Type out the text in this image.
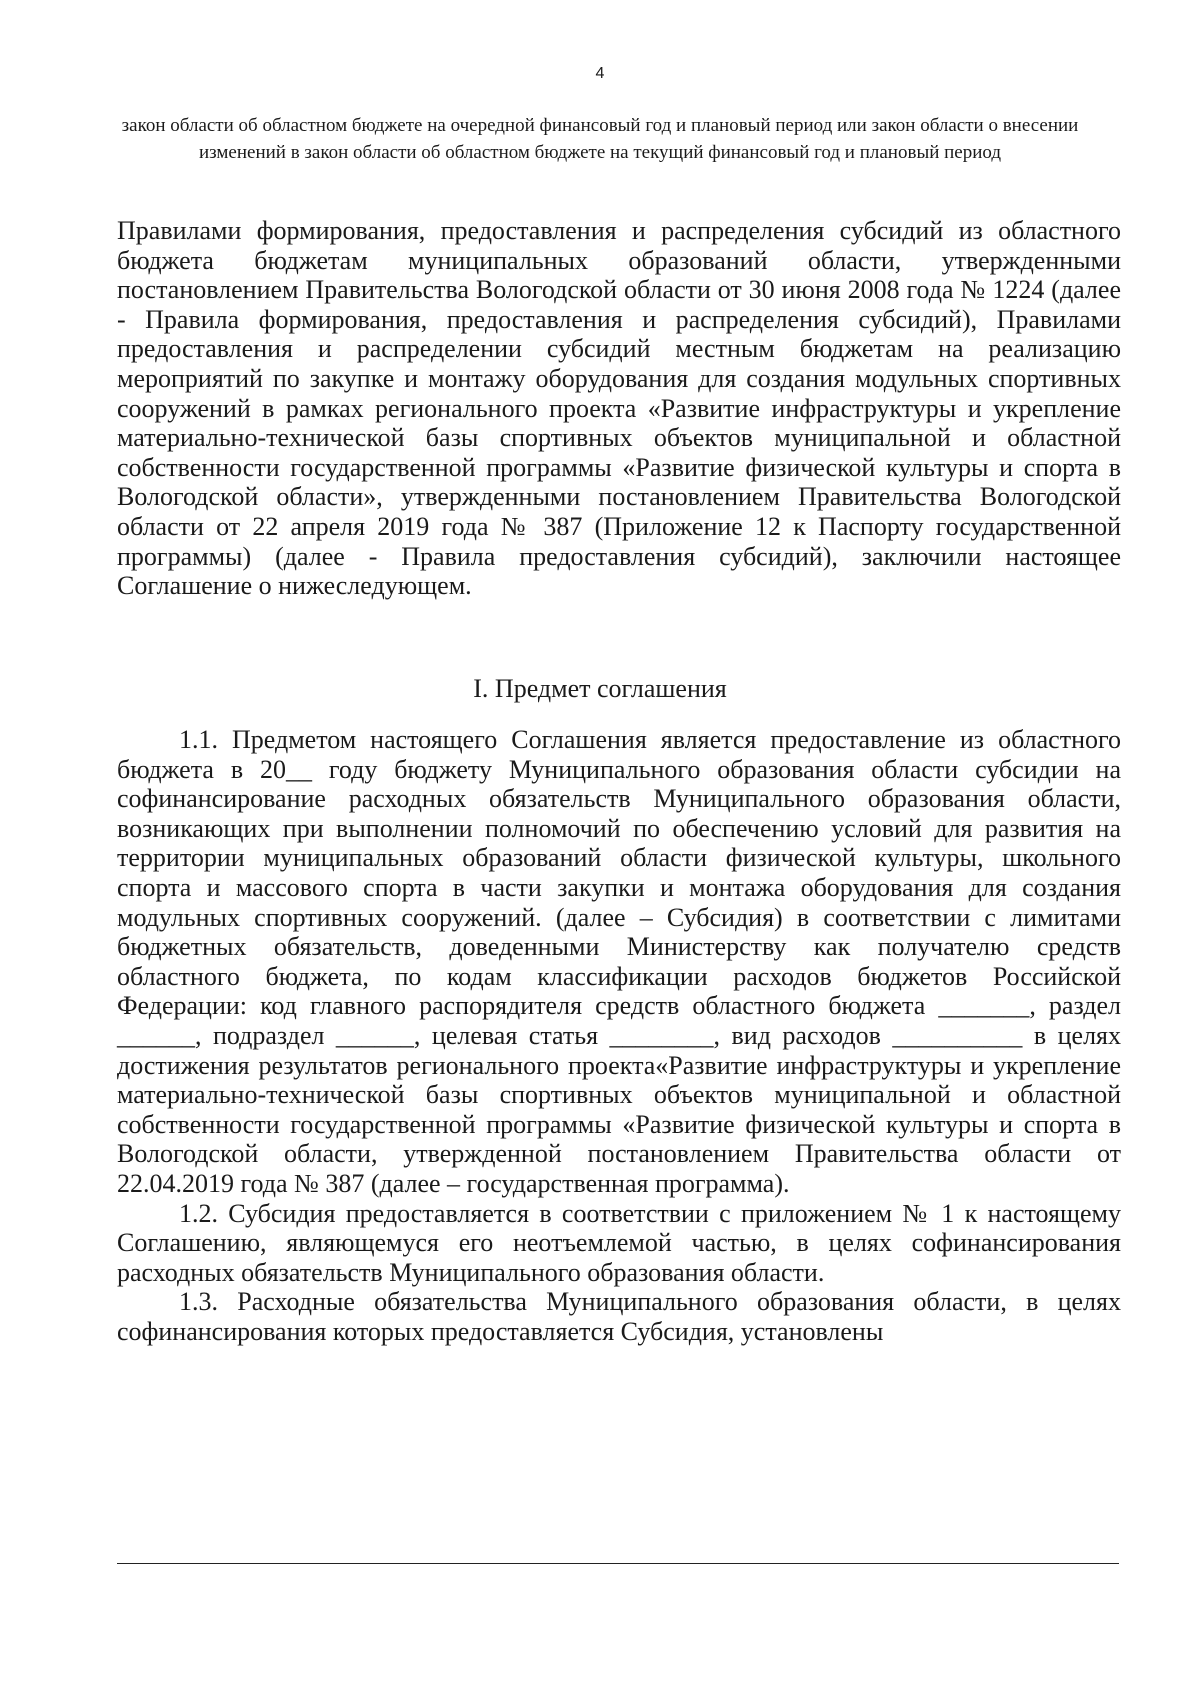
4
закон области об областном бюджете на очередной финансовый год и плановый период или закон области о внесении изменений в закон области об областном бюджете на текущий финансовый год и плановый период

Правилами формирования, предоставления и распределения субсидий из областного бюджета бюджетам муниципальных образований области, утвержденными постановлением Правительства Вологодской области от 30 июня 2008 года № 1224 (далее - Правила формирования, предоставления и распределения субсидий), Правилами предоставления и распределении субсидий местным бюджетам на реализацию мероприятий по закупке и монтажу оборудования для создания модульных спортивных сооружений в рамках регионального проекта «Развитие инфраструктуры и укрепление материально-технической базы спортивных объектов муниципальной и областной собственности государственной программы «Развитие физической культуры и спорта в Вологодской области», утвержденными постановлением Правительства Вологодской области от 22 апреля 2019 года № 387 (Приложение 12 к Паспорту государственной программы) (далее - Правила предоставления субсидий), заключили настоящее Соглашение о нижеследующем.

I. Предмет соглашения

1.1. Предметом настоящего Соглашения является предоставление из областного бюджета в 20__ году бюджету Муниципального образования области субсидии на софинансирование расходных обязательств Муниципального образования области, возникающих при выполнении полномочий по обеспечению условий для развития на территории муниципальных образований области физической культуры, школьного спорта и массового спорта в части закупки и монтажа оборудования для создания модульных спортивных сооружений. (далее – Субсидия) в соответствии с лимитами бюджетных обязательств, доведенными Министерству как получателю средств областного бюджета, по кодам классификации расходов бюджетов Российской Федерации: код главного распорядителя средств областного бюджета _______, раздел ______, подраздел ______, целевая статья ________, вид расходов __________ в целях достижения результатов регионального проекта«Развитие инфраструктуры и укрепление материально-технической базы спортивных объектов муниципальной и областной собственности государственной программы «Развитие физической культуры и спорта в Вологодской области, утвержденной постановлением Правительства области от 22.04.2019 года № 387 (далее – государственная программа).

1.2. Субсидия предоставляется в соответствии с приложением № 1 к настоящему Соглашению, являющемуся его неотъемлемой частью, в целях софинансирования расходных обязательств Муниципального образования области.

1.3. Расходные обязательства Муниципального образования области, в целях софинансирования которых предоставляется Субсидия, установлены
